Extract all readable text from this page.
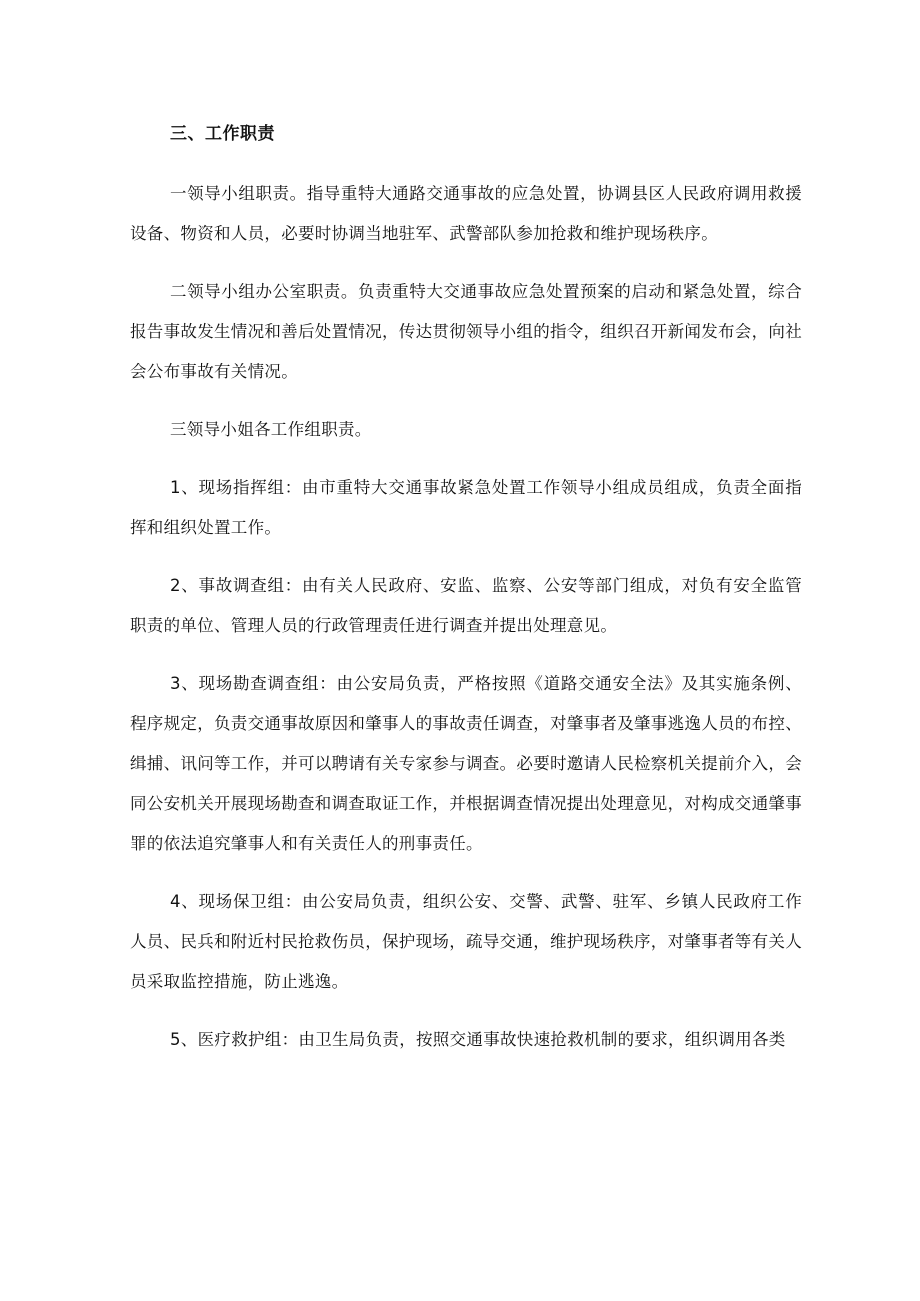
三、工作职责

一领导小组职责。指导重特大通路交通事故的应急处置，协调县区人民政府调用救援设备、物资和人员，必要时协调当地驻军、武警部队参加抢救和维护现场秩序。

二领导小组办公室职责。负责重特大交通事故应急处置预案的启动和紧急处置，综合报告事故发生情况和善后处置情况，传达贯彻领导小组的指令，组织召开新闻发布会，向社会公布事故有关情况。

三领导小姐各工作组职责。

1、现场指挥组：由市重特大交通事故紧急处置工作领导小组成员组成，负责全面指挥和组织处置工作。

2、事故调查组：由有关人民政府、安监、监察、公安等部门组成，对负有安全监管职责的单位、管理人员的行政管理责任进行调查并提出处理意见。

3、现场勘查调查组：由公安局负责，严格按照《道路交通安全法》及其实施条例、程序规定，负责交通事故原因和肇事人的事故责任调查，对肇事者及肇事逃逸人员的布控、缉捕、讯问等工作，并可以聘请有关专家参与调查。必要时邀请人民检察机关提前介入，会同公安机关开展现场勘查和调查取证工作，并根据调查情况提出处理意见，对构成交通肇事罪的依法追究肇事人和有关责任人的刑事责任。

4、现场保卫组：由公安局负责，组织公安、交警、武警、驻军、乡镇人民政府工作人员、民兵和附近村民抢救伤员，保护现场，疏导交通，维护现场秩序，对肇事者等有关人员采取监控措施，防止逃逸。

5、医疗救护组：由卫生局负责，按照交通事故快速抢救机制的要求，组织调用各类
